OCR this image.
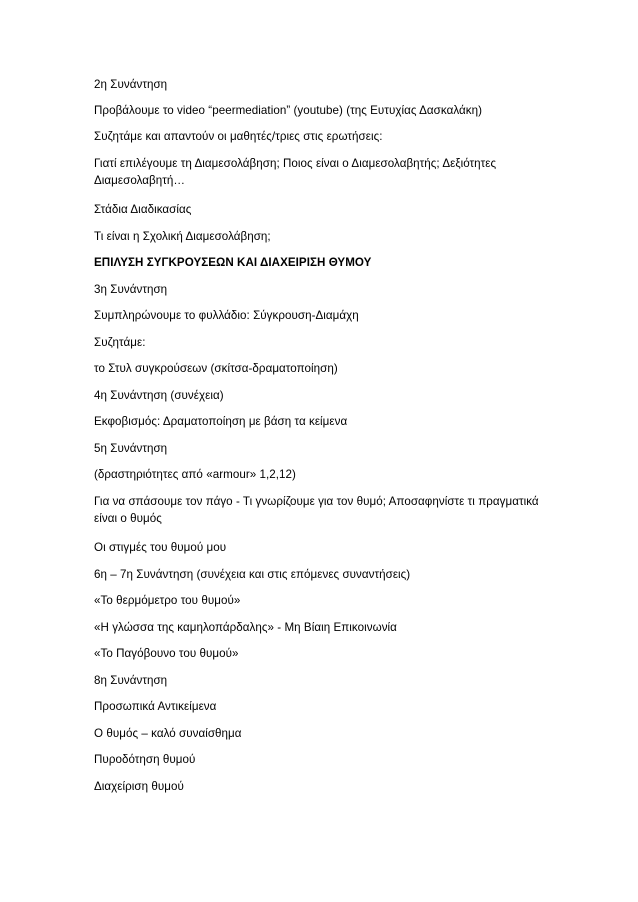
2η Συνάντηση
Προβάλουμε το video “peermediation” (youtube) (της Ευτυχίας Δασκαλάκη)
Συζητάμε και απαντούν οι μαθητές/τριες στις ερωτήσεις:
Γιατί επιλέγουμε τη Διαμεσολάβηση; Ποιος είναι ο Διαμεσολαβητής; Δεξιότητες Διαμεσολαβητή…
Στάδια Διαδικασίας
Τι είναι η Σχολική Διαμεσολάβηση;
ΕΠΙΛΥΣΗ ΣΥΓΚΡΟΥΣΕΩΝ ΚΑΙ ΔΙΑΧΕΙΡΙΣΗ ΘΥΜΟΥ
3η Συνάντηση
Συμπληρώνουμε το φυλλάδιο: Σύγκρουση-Διαμάχη
Συζητάμε:
το Στυλ συγκρούσεων (σκίτσα-δραματοποίηση)
4η Συνάντηση (συνέχεια)
Εκφοβισμός: Δραματοποίηση με βάση τα κείμενα
5η Συνάντηση
(δραστηριότητες από «armour» 1,2,12)
Για να σπάσουμε τον πάγο - Τι γνωρίζουμε για τον θυμό; Αποσαφηνίστε τι πραγματικά είναι ο θυμός
Οι στιγμές του θυμού μου
6η – 7η Συνάντηση (συνέχεια και στις επόμενες συναντήσεις)
«Το θερμόμετρο του θυμού»
«Η γλώσσα της καμηλοπάρδαλης» - Μη Βίαιη Επικοινωνία
«Το Παγόβουνο του θυμού»
8η Συνάντηση
Προσωπικά Αντικείμενα
Ο θυμός – καλό συναίσθημα
Πυροδότηση θυμού
Διαχείριση θυμού
